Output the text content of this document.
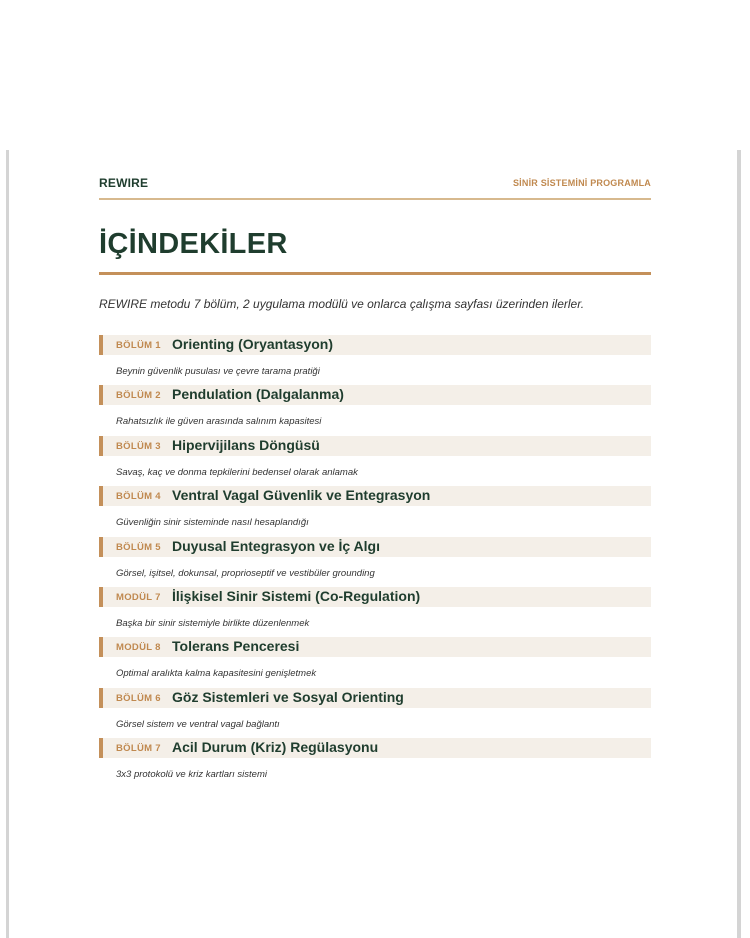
REWIRE	SİNİR SİSTEMİNİ PROGRAMLA
İÇİNDEKİLER
REWIRE metodu 7 bölüm, 2 uygulama modülü ve onlarca çalışma sayfası üzerinden ilerler.
BÖLÜM 1 Orienting (Oryantasyon)
Beynin güvenlik pusulası ve çevre tarama pratiği
BÖLÜM 2 Pendulation (Dalgalanma)
Rahatsızlık ile güven arasında salınım kapasitesi
BÖLÜM 3 Hipervijilans Döngüsü
Savaş, kaç ve donma tepkilerini bedensel olarak anlamak
BÖLÜM 4 Ventral Vagal Güvenlik ve Entegrasyon
Güvenliğin sinir sisteminde nasıl hesaplandığı
BÖLÜM 5 Duyusal Entegrasyon ve İç Algı
Görsel, işitsel, dokunsal, proprioseptif ve vestibüler grounding
MODÜL 7 İlişkisel Sinir Sistemi (Co-Regulation)
Başka bir sinir sistemiyle birlikte düzenlenmek
MODÜL 8 Tolerans Penceresi
Optimal aralıkta kalma kapasitesini genişletmek
BÖLÜM 6 Göz Sistemleri ve Sosyal Orienting
Görsel sistem ve ventral vagal bağlantı
BÖLÜM 7 Acil Durum (Kriz) Regülasyonu
3x3 protokolü ve kriz kartları sistemi
